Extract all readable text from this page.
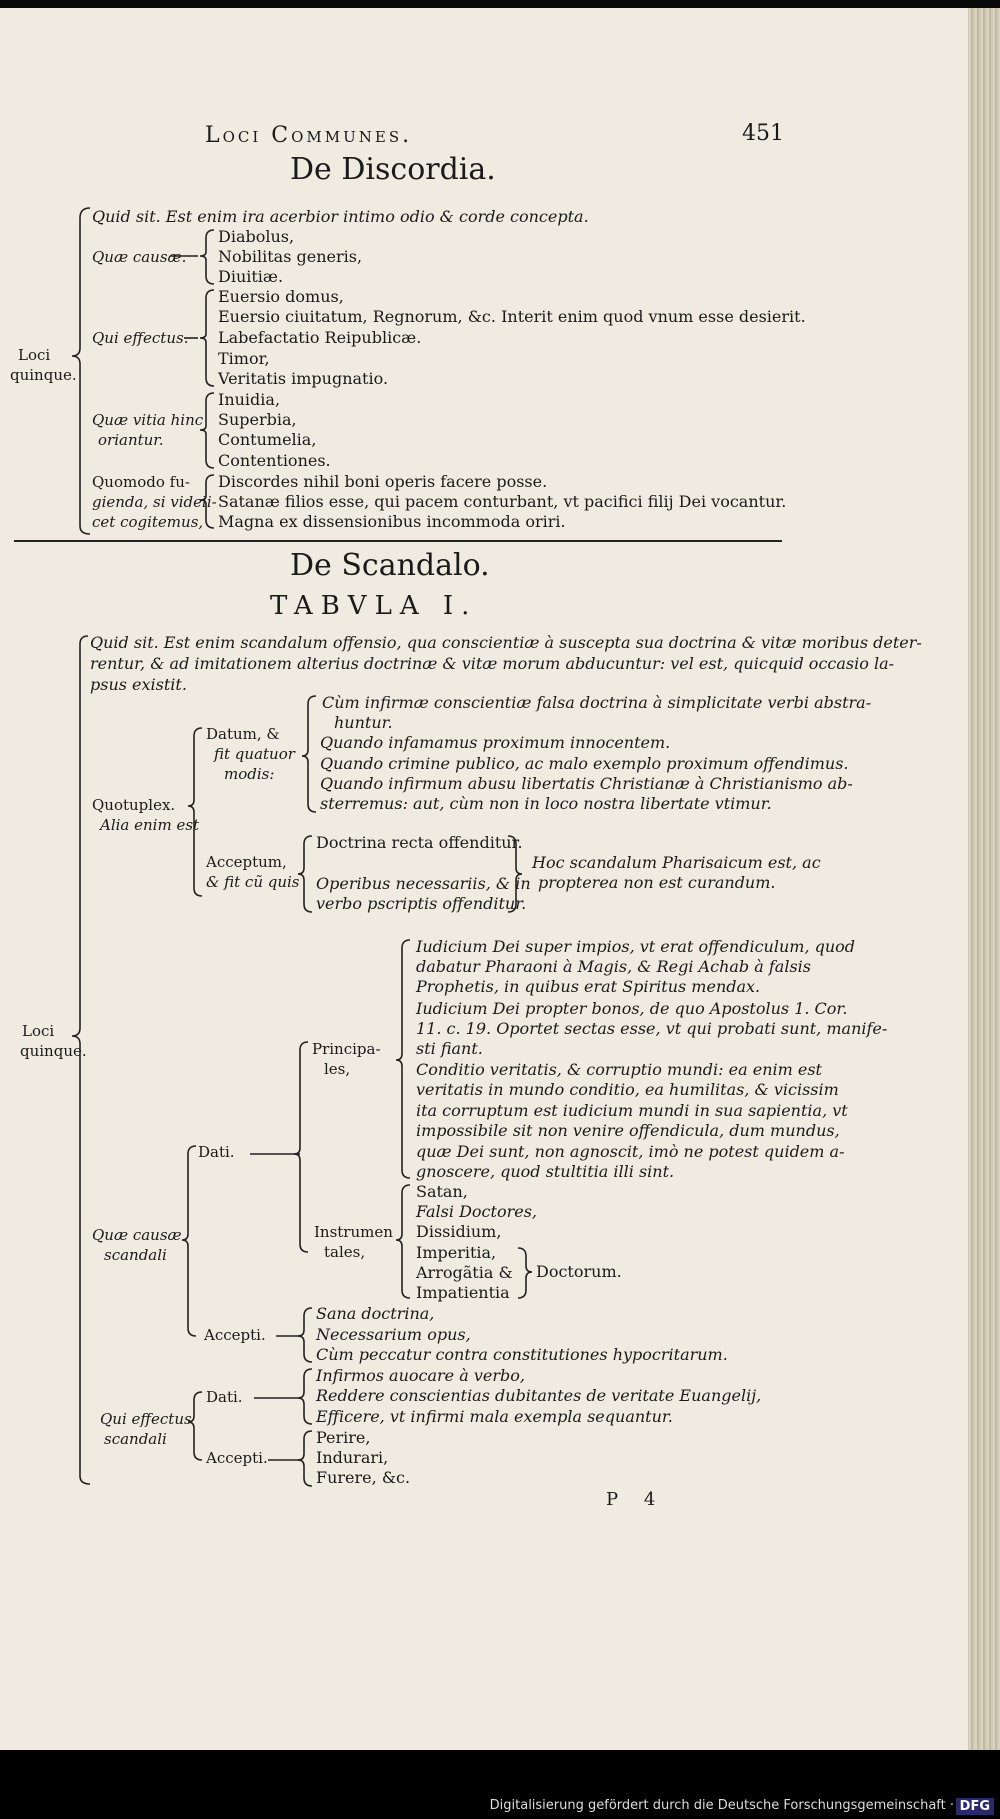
Loci Communes.	451
De Discordia.
Loci
quinque.
Quid sit. Est enim ira acerbior intimo odio & corde concepta.
Quæ causæ.
Diabolus,
Nobilitas generis,
Diuitiæ.
Qui effectus.
Euersio domus,
Euersio ciuitatum, Regnorum, &c. Interit enim quod vnum esse desierit.
Labefactatio Reipublicæ.
Timor,
Veritatis impugnatio.
Quæ vitia hinc
oriantur.
Inuidia,
Superbia,
Contumelia,
Contentiones.
Quomodo fu-
gienda, si videli-
cet cogitemus,
Discordes nihil boni operis facere posse.
Satanæ filios esse, qui pacem conturbant, vt pacifici filij Dei vocantur.
Magna ex dissensionibus incommoda oriri.
De Scandalo.
TABVLA I.
Loci
quinque.
Quid sit. Est enim scandalum offensio, qua conscientiæ à suscepta sua doctrina & vitæ moribus deter-
rentur, & ad imitationem alterius doctrinæ & vitæ morum abducuntur: vel est, quicquid occasio la-
psus existit.
Quotuplex.
Alia enim est
Datum, &
fit quatuor
modis:
Cùm infirmæ conscientiæ falsa doctrina à simplicitate verbi abstra-
huntur.
Quando infamamus proximum innocentem.
Quando crimine publico, ac malo exemplo proximum offendimus.
Quando infirmum abusu libertatis Christianæ à Christianismo ab-
sterremus: aut, cùm non in loco nostra libertate vtimur.
Acceptum,
& fit cũ quis
Doctrina recta offenditur.
Operibus necessariis, & in
verbo pscriptis offenditur.
Hoc scandalum Pharisaicum est, ac
propterea non est curandum.
Quæ causæ
scandali
Dati.
Principa-
les,
Iudicium Dei super impios, vt erat offendiculum, quod
dabatur Pharaoni à Magis, & Regi Achab à falsis
Prophetis, in quibus erat Spiritus mendax.
Iudicium Dei propter bonos, de quo Apostolus 1. Cor.
11. c. 19. Oportet sectas esse, vt qui probati sunt, manife-
sti fiant.
Conditio veritatis, & corruptio mundi: ea enim est
veritatis in mundo conditio, ea humilitas, & vicissim
ita corruptum est iudicium mundi in sua sapientia, vt
impossibile sit non venire offendicula, dum mundus,
quæ Dei sunt, non agnoscit, imò ne potest quidem a-
gnoscere, quod stultitia illi sint.
Instrumen
tales,
Satan,
Falsi Doctores,
Dissidium,
Imperitia,
Arrogãtia &
Impatientia
Doctorum.
Accepti.
Sana doctrina,
Necessarium opus,
Cùm peccatur contra constitutiones hypocritarum.
Qui effectus
scandali
Dati.
Infirmos auocare à verbo,
Reddere conscientias dubitantes de veritate Euangelij,
Efficere, vt infirmi mala exempla sequantur.
Accepti.
Perire,
Indurari,
Furere, &c.
P 4
Digitalisierung gefördert durch die Deutsche Forschungsgemeinschaft · DFG
